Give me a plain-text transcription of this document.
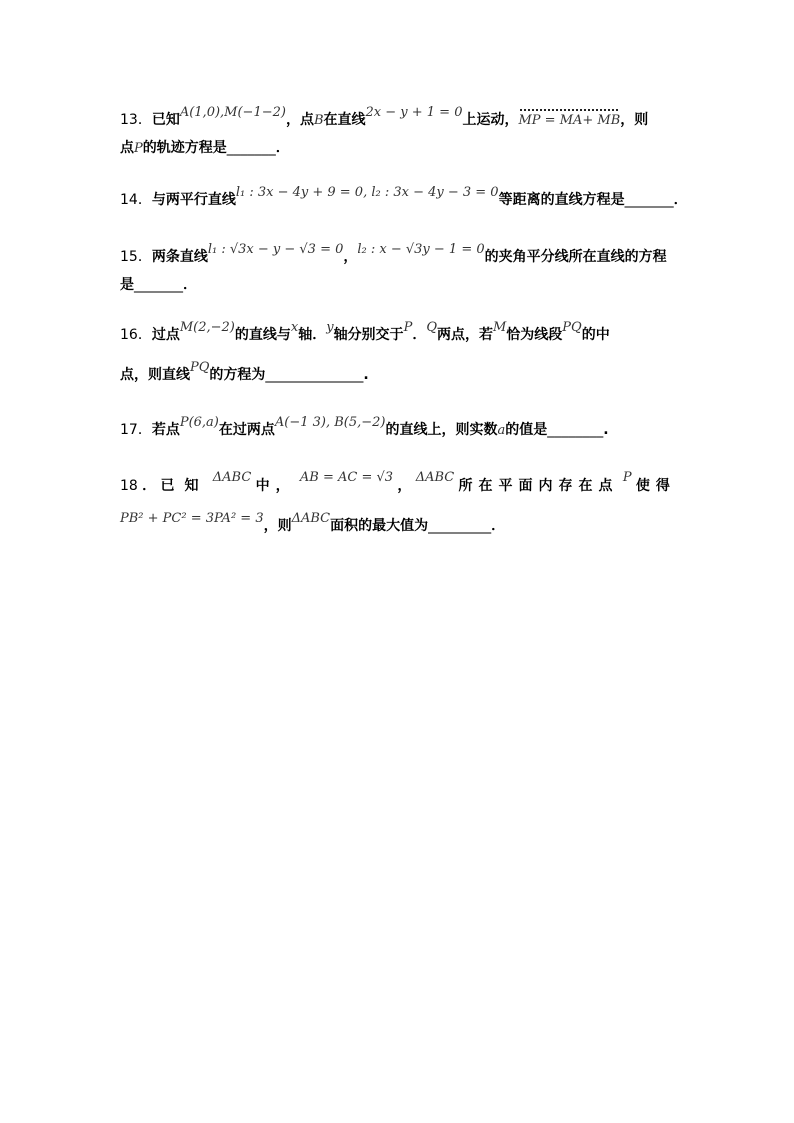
13．已知A(1,0),M(−1−2)，点B在直线2x − y + 1 = 0上运动，MP = MA+ MB，则
点P的轨迹方程是_______．
14．与两平行直线l₁ : 3x − 4y + 9 = 0, l₂ : 3x − 4y − 3 = 0等距离的直线方程是_______．
15．两条直线l₁ : √3x − y − √3 = 0，l₂ : x − √3y − 1 = 0的夹角平分线所在直线的方程
是_______．
16．过点M(2,−2)的直线与x轴．y轴分别交于P．Q两点，若M恰为线段PQ的中
点，则直线PQ的方程为______________.
17．若点P(6,a)在过两点A(−1 3), B(5,−2)的直线上，则实数a的值是________.
18 ． 已知
ΔABC
中，
AB = AC = √3
，
ΔABC
所在平面内存在点
P
使得
PB² + PC² = 3PA² = 3，则ΔABC面积的最大值为_________．
